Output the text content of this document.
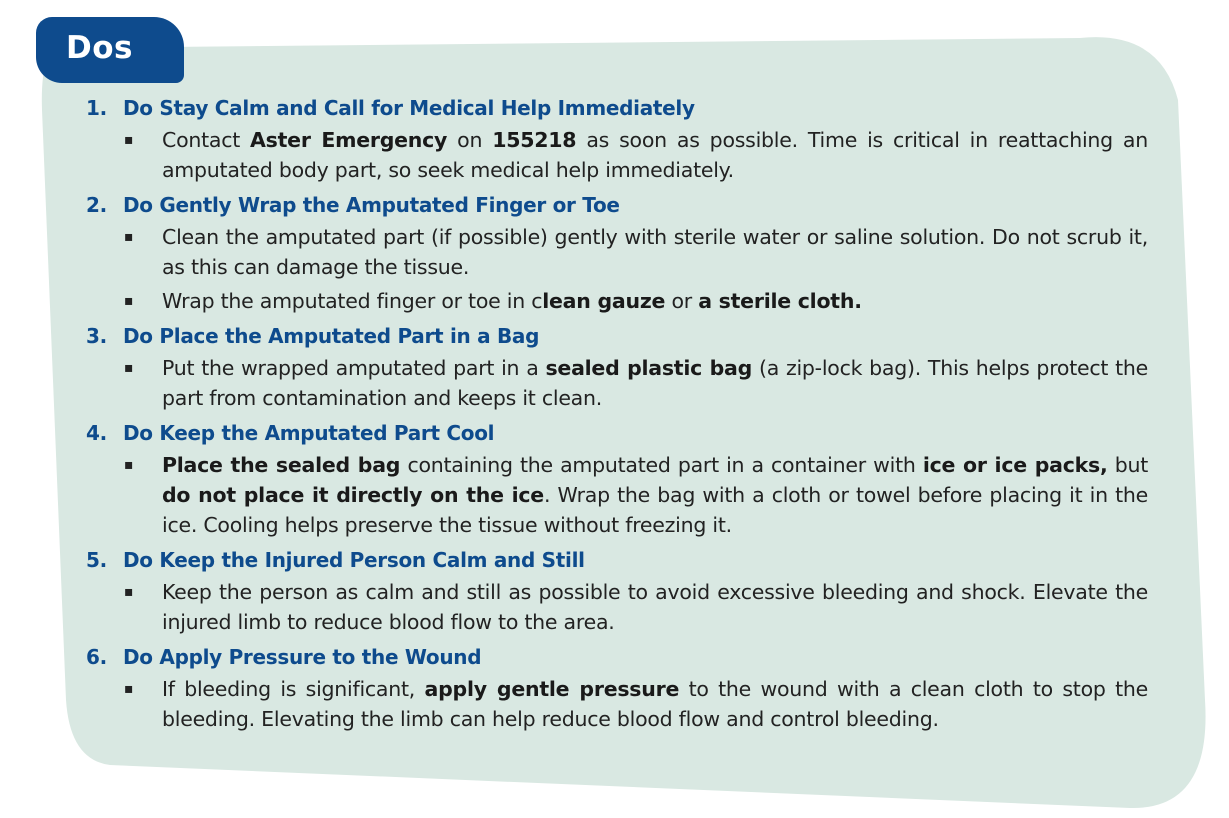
Dos
1. Do Stay Calm and Call for Medical Help Immediately
▪ Contact Aster Emergency on 155218 as soon as possible. Time is critical in reattaching an amputated body part, so seek medical help immediately.
2. Do Gently Wrap the Amputated Finger or Toe
▪ Clean the amputated part (if possible) gently with sterile water or saline solution. Do not scrub it, as this can damage the tissue.
▪ Wrap the amputated finger or toe in clean gauze or a sterile cloth.
3. Do Place the Amputated Part in a Bag
▪ Put the wrapped amputated part in a sealed plastic bag (a zip-lock bag). This helps protect the part from contamination and keeps it clean.
4. Do Keep the Amputated Part Cool
▪ Place the sealed bag containing the amputated part in a container with ice or ice packs, but do not place it directly on the ice. Wrap the bag with a cloth or towel before placing it in the ice. Cooling helps preserve the tissue without freezing it.
5. Do Keep the Injured Person Calm and Still
▪ Keep the person as calm and still as possible to avoid excessive bleeding and shock. Elevate the injured limb to reduce blood flow to the area.
6. Do Apply Pressure to the Wound
▪ If bleeding is significant, apply gentle pressure to the wound with a clean cloth to stop the bleeding. Elevating the limb can help reduce blood flow and control bleeding.
